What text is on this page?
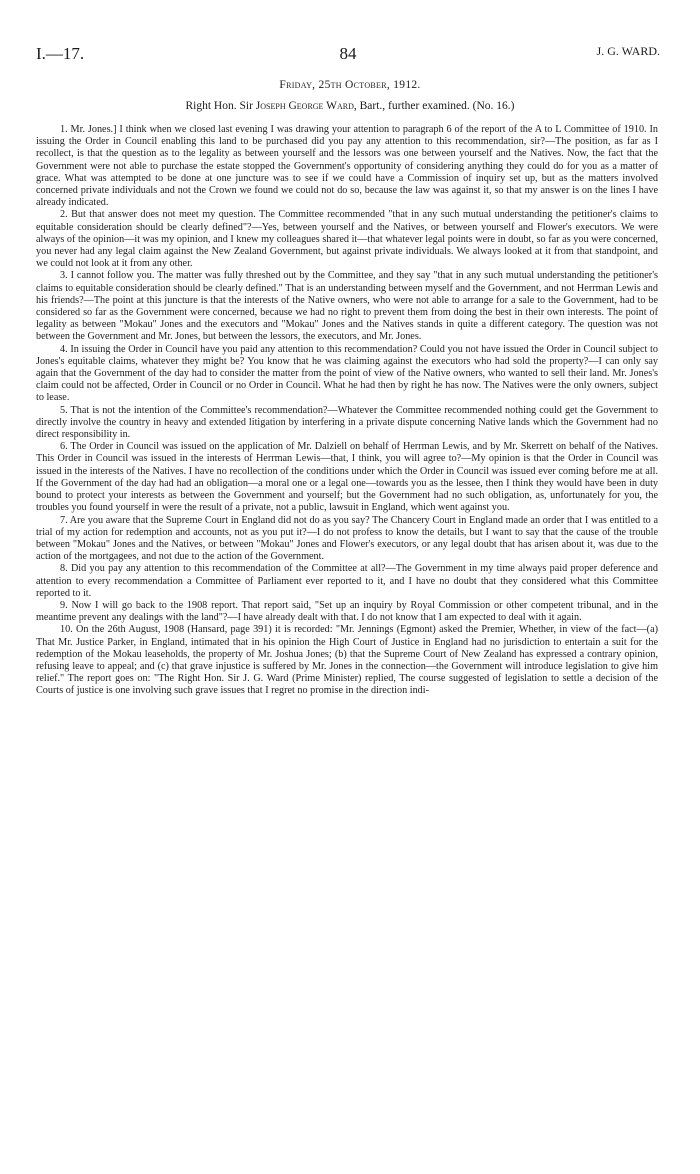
I.—17.	84	J. G. WARD.
Friday, 25th October, 1912.
Right Hon. Sir Joseph George Ward, Bart., further examined. (No. 16.)

1. Mr. Jones.] I think when we closed last evening I was drawing your attention to paragraph 6 of the report of the A to L Committee of 1910. In issuing the Order in Council enabling this land to be purchased did you pay any attention to this recommendation, sir?—The position, as far as I recollect, is that the question as to the legality as between yourself and the lessors was one between yourself and the Natives. Now, the fact that the Government were not able to purchase the estate stopped the Government's opportunity of considering anything they could do for you as a matter of grace. What was attempted to be done at one juncture was to see if we could have a Commission of inquiry set up, but as the matters involved concerned private individuals and not the Crown we found we could not do so, because the law was against it, so that my answer is on the lines I have already indicated.

2. But that answer does not meet my question. The Committee recommended "that in any such mutual understanding the petitioner's claims to equitable consideration should be clearly defined"?—Yes, between yourself and the Natives, or between yourself and Flower's executors. We were always of the opinion—it was my opinion, and I knew my colleagues shared it—that whatever legal points were in doubt, so far as you were concerned, you never had any legal claim against the New Zealand Government, but against private individuals. We always looked at it from that standpoint, and we could not look at it from any other.

3. I cannot follow you. The matter was fully threshed out by the Committee, and they say "that in any such mutual understanding the petitioner's claims to equitable consideration should be clearly defined." That is an understanding between myself and the Government, and not Herrman Lewis and his friends?—The point at this juncture is that the interests of the Native owners, who were not able to arrange for a sale to the Government, had to be considered so far as the Government were concerned, because we had no right to prevent them from doing the best in their own interests. The point of legality as between "Mokau" Jones and the executors and "Mokau" Jones and the Natives stands in quite a different category. The question was not between the Government and Mr. Jones, but between the lessors, the executors, and Mr. Jones.

4. In issuing the Order in Council have you paid any attention to this recommendation? Could you not have issued the Order in Council subject to Jones's equitable claims, whatever they might be? You know that he was claiming against the executors who had sold the property?—I can only say again that the Government of the day had to consider the matter from the point of view of the Native owners, who wanted to sell their land. Mr. Jones's claim could not be affected, Order in Council or no Order in Council. What he had then by right he has now. The Natives were the only owners, subject to lease.

5. That is not the intention of the Committee's recommendation?—Whatever the Committee recommended nothing could get the Government to directly involve the country in heavy and extended litigation by interfering in a private dispute concerning Native lands which the Government had no direct responsibility in.

6. The Order in Council was issued on the application of Mr. Dalziell on behalf of Herrman Lewis, and by Mr. Skerrett on behalf of the Natives. This Order in Council was issued in the interests of Herrman Lewis—that, I think, you will agree to?—My opinion is that the Order in Council was issued in the interests of the Natives. I have no recollection of the conditions under which the Order in Council was issued ever coming before me at all. If the Government of the day had had an obligation—a moral one or a legal one—towards you as the lessee, then I think they would have been in duty bound to protect your interests as between the Government and yourself; but the Government had no such obligation, as, unfortunately for you, the troubles you found yourself in were the result of a private, not a public, lawsuit in England, which went against you.

7. Are you aware that the Supreme Court in England did not do as you say? The Chancery Court in England made an order that I was entitled to a trial of my action for redemption and accounts, not as you put it?—I do not profess to know the details, but I want to say that the cause of the trouble between "Mokau" Jones and the Natives, or between "Mokau" Jones and Flower's executors, or any legal doubt that has arisen about it, was due to the action of the mortgagees, and not due to the action of the Government.

8. Did you pay any attention to this recommendation of the Committee at all?—The Government in my time always paid proper deference and attention to every recommendation a Committee of Parliament ever reported to it, and I have no doubt that they considered what this Committee reported to it.

9. Now I will go back to the 1908 report. That report said, "Set up an inquiry by Royal Commission or other competent tribunal, and in the meantime prevent any dealings with the land"?—I have already dealt with that. I do not know that I am expected to deal with it again.

10. On the 26th August, 1908 (Hansard, page 391) it is recorded: "Mr. Jennings (Egmont) asked the Premier, Whether, in view of the fact—(a) That Mr. Justice Parker, in England, intimated that in his opinion the High Court of Justice in England had no jurisdiction to entertain a suit for the redemption of the Mokau leaseholds, the property of Mr. Joshua Jones; (b) that the Supreme Court of New Zealand has expressed a contrary opinion, refusing leave to appeal; and (c) that grave injustice is suffered by Mr. Jones in the connection—the Government will introduce legislation to give him relief." The report goes on: "The Right Hon. Sir J. G. Ward (Prime Minister) replied, The course suggested of legislation to settle a decision of the Courts of justice is one involving such grave issues that I regret no promise in the direction indi-
